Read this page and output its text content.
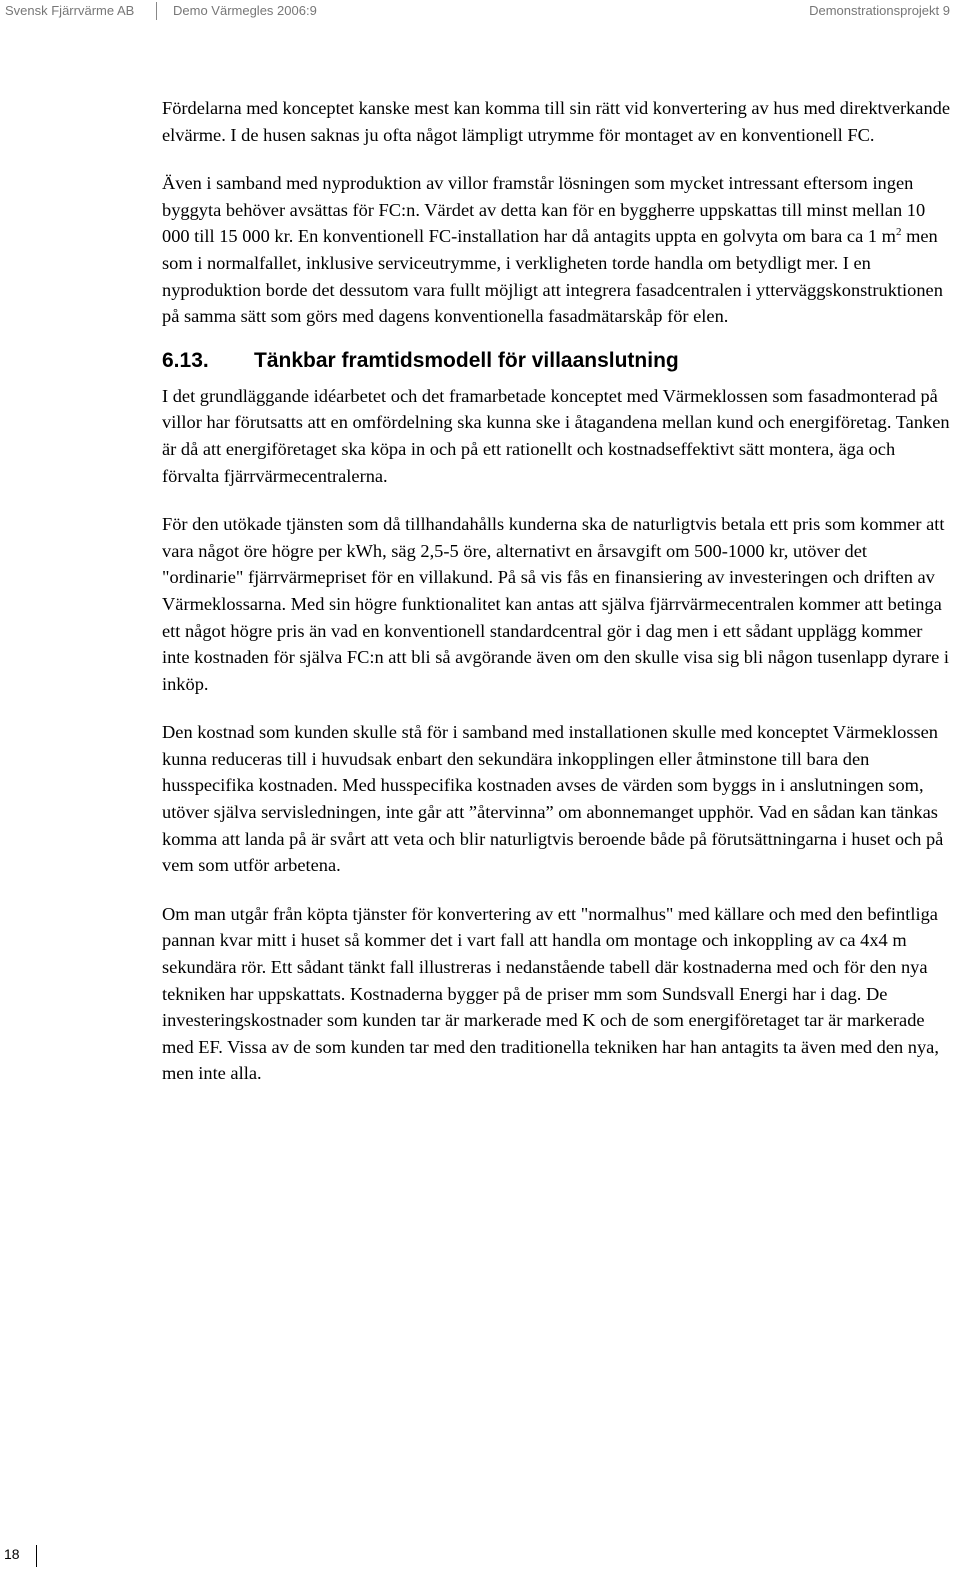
Svensk Fjärrvärme AB	Demo Värmegles 2006:9	Demonstrationsprojekt 9

Fördelarna med konceptet kanske mest kan komma till sin rätt vid konvertering av hus med direktverkande elvärme. I de husen saknas ju ofta något lämpligt utrymme för montaget av en konventionell FC.

Även i samband med nyproduktion av villor framstår lösningen som mycket intressant eftersom ingen byggyta behöver avsättas för FC:n. Värdet av detta kan för en byggherre uppskattas till minst mellan 10 000 till 15 000 kr. En konventionell FC-installation har då antagits uppta en golvyta om bara ca 1 $m^2$ men som i normalfallet, inklusive serviceutrymme, i verkligheten torde handla om betydligt mer. I en nyproduktion borde det dessutom vara fullt möjligt att integrera fasadcentralen i ytterväggskonstruktionen på samma sätt som görs med dagens konventionella fasadmätarskåp för elen.

6.13. Tänkbar framtidsmodell för villaanslutning

I det grundläggande idéarbetet och det framarbetade konceptet med Värmeklossen som fasadmonterad på villor har förutsatts att en omfördelning ska kunna ske i åtagandena mellan kund och energiföretag. Tanken är då att energiföretaget ska köpa in och på ett rationellt och kostnadseffektivt sätt montera, äga och förvalta fjärrvärmecentralerna.

För den utökade tjänsten som då tillhandahålls kunderna ska de naturligtvis betala ett pris som kommer att vara något öre högre per kWh, säg 2,5-5 öre, alternativt en årsavgift om 500-1000 kr, utöver det "ordinarie" fjärrvärmepriset för en villakund. På så vis fås en finansiering av investeringen och driften av Värmeklossarna. Med sin högre funktionalitet kan antas att själva fjärrvärmecentralen kommer att betinga ett något högre pris än vad en konventionell standardcentral gör i dag men i ett sådant upplägg kommer inte kostnaden för själva FC:n att bli så avgörande även om den skulle visa sig bli någon tusenlapp dyrare i inköp.

Den kostnad som kunden skulle stå för i samband med installationen skulle med konceptet Värmeklossen kunna reduceras till i huvudsak enbart den sekundära inkopplingen eller åtminstone till bara den husspecifika kostnaden. Med husspecifika kostnaden avses de värden som byggs in i anslutningen som, utöver själva servisledningen, inte går att ”återvinna” om abonnemanget upphör. Vad en sådan kan tänkas komma att landa på är svårt att veta och blir naturligtvis beroende både på förutsättningarna i huset och på vem som utför arbetena.

Om man utgår från köpta tjänster för konvertering av ett "normalhus" med källare och med den befintliga pannan kvar mitt i huset så kommer det i vart fall att handla om montage och inkoppling av ca 4x4 m sekundära rör. Ett sådant tänkt fall illustreras i nedanstående tabell där kostnaderna med och för den nya tekniken har uppskattats. Kostnaderna bygger på de priser mm som Sundsvall Energi har i dag. De investeringskostnader som kunden tar är markerade med K och de som energiföretaget tar är markerade med EF. Vissa av de som kunden tar med den traditionella tekniken har han antagits ta även med den nya, men inte alla.

18
